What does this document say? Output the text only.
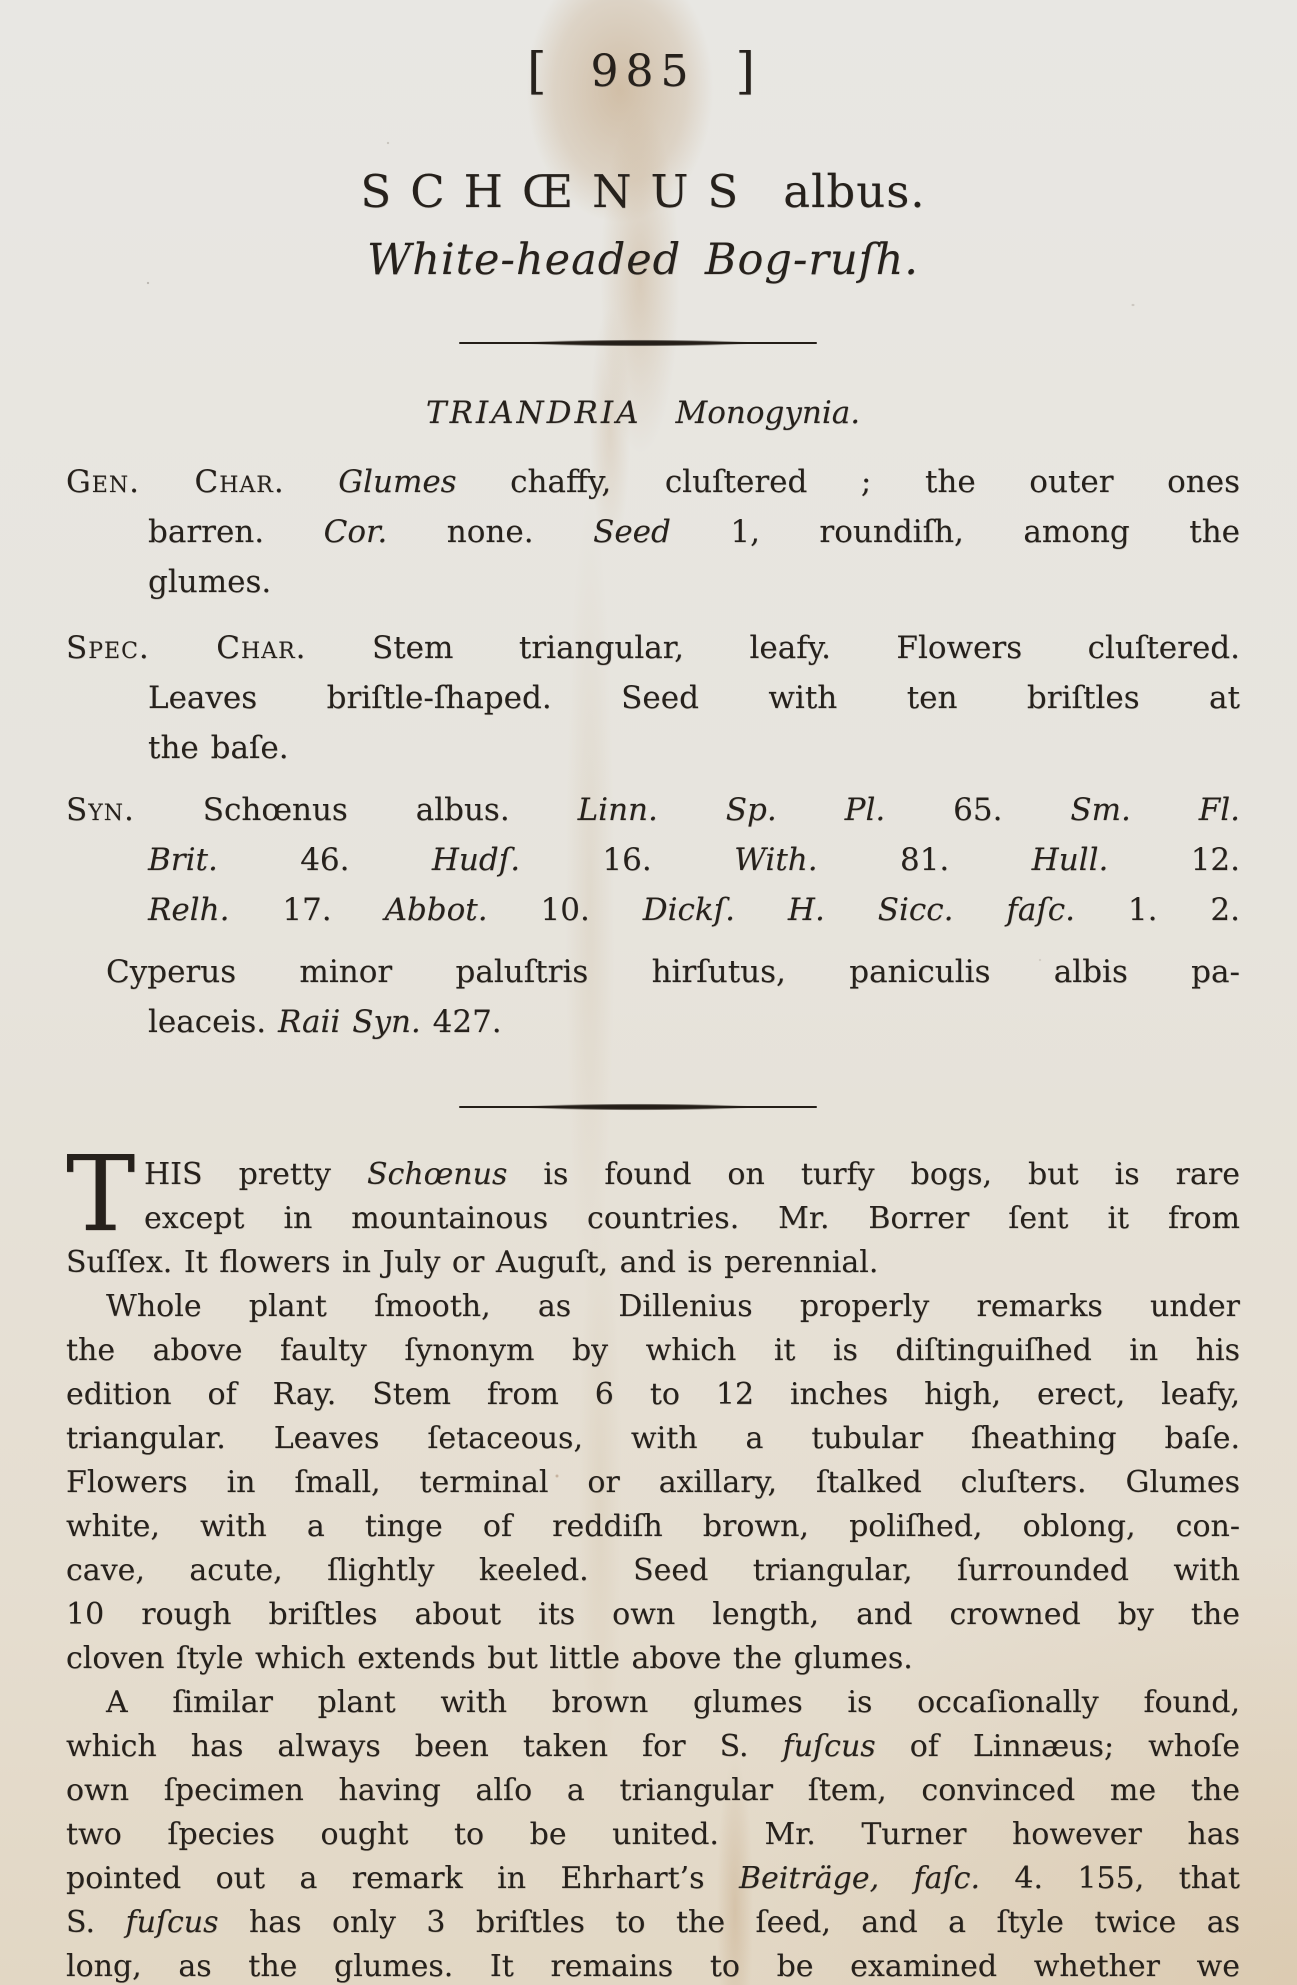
[ 985 ]
SCHŒNUS albus.
White-headed Bog-ruſh.
TRIANDRIA Monogynia.
Gen. Char. Glumes chaffy, cluſtered ; the outer ones
barren. Cor. none. Seed 1, roundiſh, among the
glumes.
Spec. Char. Stem triangular, leafy. Flowers cluſtered.
Leaves briſtle-ſhaped. Seed with ten briſtles at
the baſe.
Syn. Schœnus albus. Linn. Sp. Pl. 65. Sm. Fl.
Brit. 46. Hudſ. 16. With. 81. Hull. 12.
Relh. 17. Abbot. 10. Dickſ. H. Sicc. faſc. 1. 2.
Cyperus minor paluſtris hirſutus, paniculis albis pa-
leaceis. Raii Syn. 427.
T HIS pretty Schœnus is found on turfy bogs, but is rare
except in mountainous countries. Mr. Borrer ſent it from
Suſſex. It flowers in July or Auguſt, and is perennial.
Whole plant ſmooth, as Dillenius properly remarks under
the above faulty ſynonym by which it is diſtinguiſhed in his
edition of Ray. Stem from 6 to 12 inches high, erect, leafy,
triangular. Leaves ſetaceous, with a tubular ſheathing baſe.
Flowers in ſmall, terminal or axillary, ſtalked cluſters. Glumes
white, with a tinge of reddiſh brown, poliſhed, oblong, con-
cave, acute, ſlightly keeled. Seed triangular, ſurrounded with
10 rough briſtles about its own length, and crowned by the
cloven ſtyle which extends but little above the glumes.
A ſimilar plant with brown glumes is occaſionally found,
which has always been taken for S. fuſcus of Linnæus; whoſe
own ſpecimen having alſo a triangular ſtem, convinced me the
two ſpecies ought to be united. Mr. Turner however has
pointed out a remark in Ehrhart’s Beiträge, faſc. 4. 155, that
S. fuſcus has only 3 briſtles to the ſeed, and a ſtyle twice as
long, as the glumes. It remains to be examined whether we
